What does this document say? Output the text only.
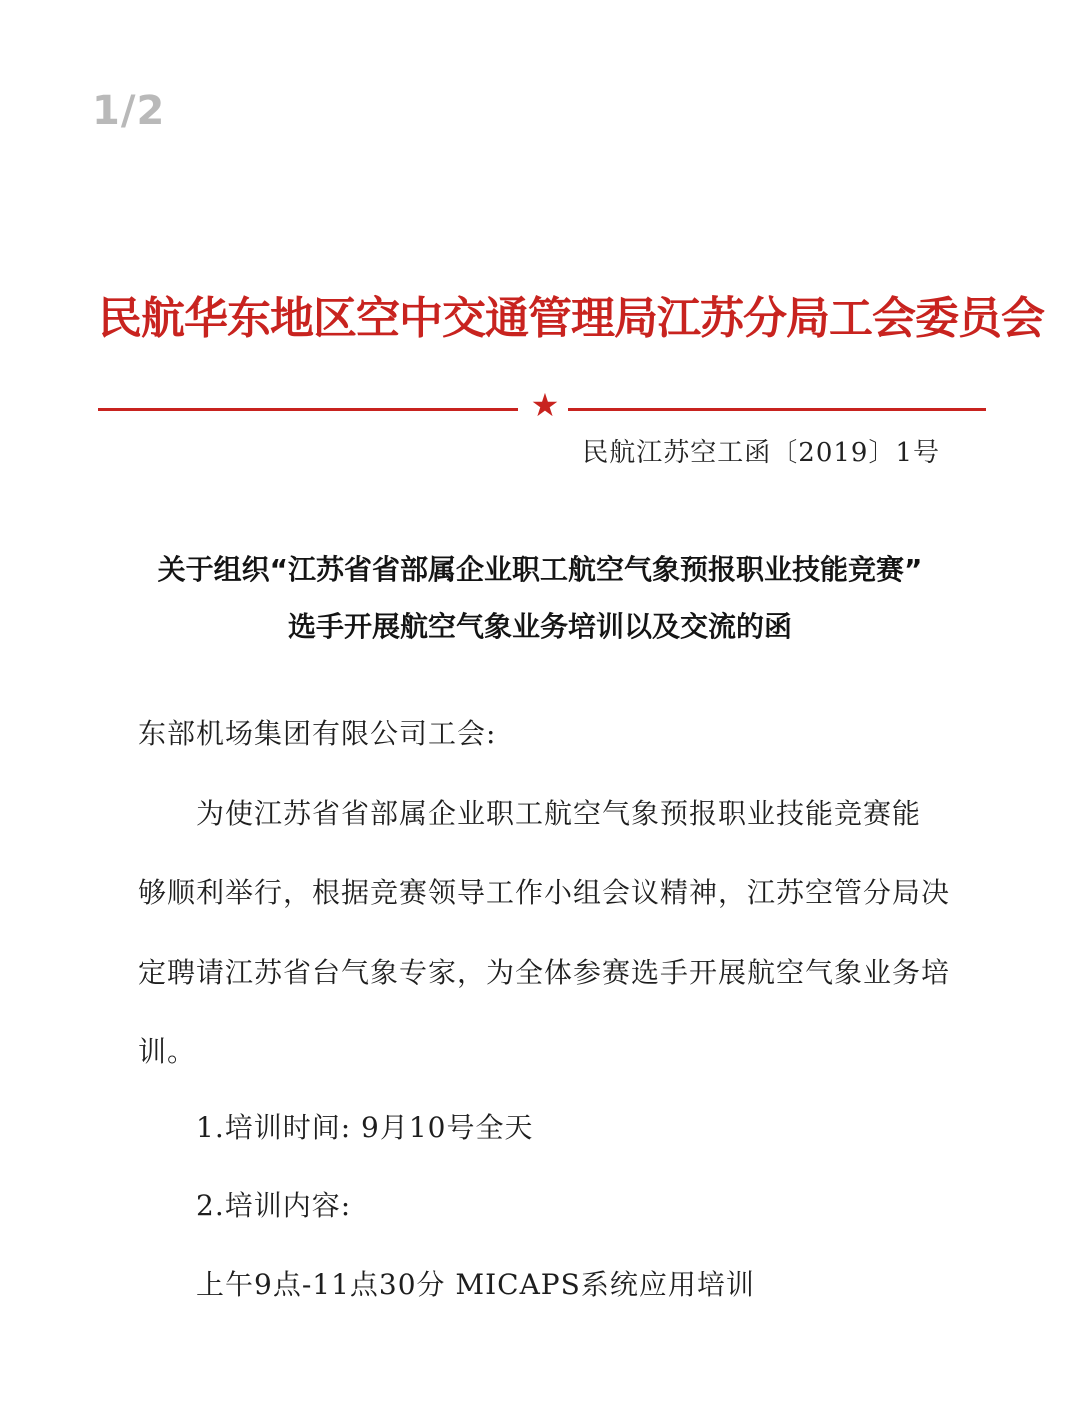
1/2
民航华东地区空中交通管理局江苏分局工会委员会
★
民航江苏空工函〔2019〕1号
关于组织“江苏省省部属企业职工航空气象预报职业技能竞赛”
选手开展航空气象业务培训以及交流的函
东部机场集团有限公司工会:
为使江苏省省部属企业职工航空气象预报职业技能竞赛能
够顺利举行，根据竞赛领导工作小组会议精神，江苏空管分局决
定聘请江苏省台气象专家，为全体参赛选手开展航空气象业务培
训。
1.培训时间: 9月10号全天
2.培训内容:
上午9点-11点30分 MICAPS系统应用培训
